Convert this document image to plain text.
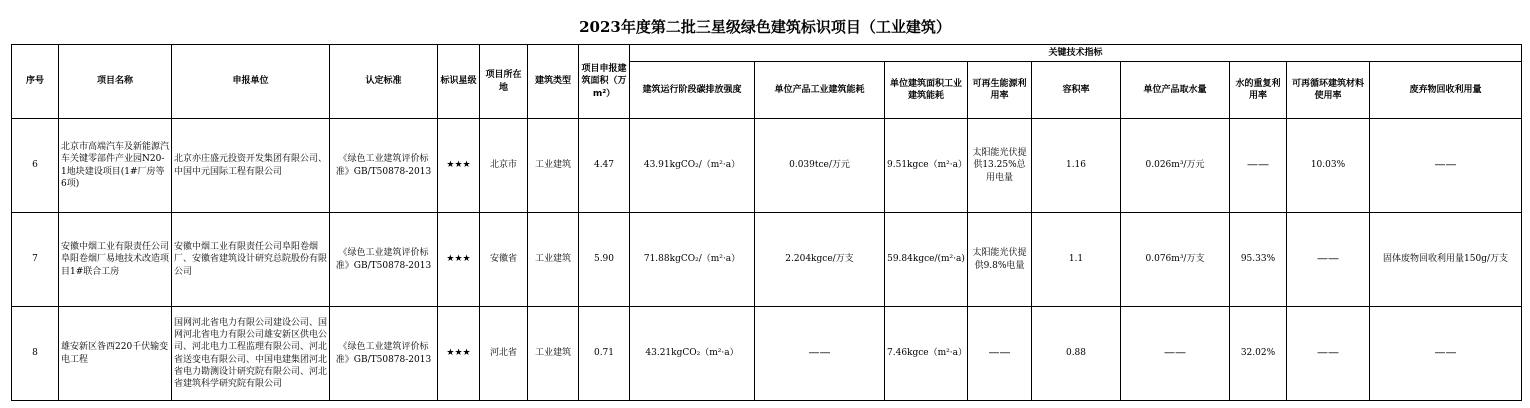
2023年度第二批三星级绿色建筑标识项目（工业建筑）
序号	项目名称	申报单位	认定标准	标识星级	项目所在地	建筑类型	项目申报建筑面积（万m²）	关键技术指标								
								建筑运行阶段碳排放强度	单位产品工业建筑能耗	单位建筑面积工业建筑能耗	可再生能源利用率	容积率	单位产品取水量	水的重复利用率	可再循环建筑材料使用率	废弃物回收利用量
6	北京市高端汽车及新能源汽车关键零部件产业园N20-1地块建设项目(1#厂房等6项)	北京亦庄盛元投资开发集团有限公司、中国中元国际工程有限公司	《绿色工业建筑评价标准》GB/T50878-2013	★★★	北京市	工业建筑	4.47	43.91kgCO₂/（m²·a）	0.039tce/万元	9.51kgce（m²·a）	太阳能光伏提供13.25%总用电量	1.16	0.026m³/万元	——	10.03%	——
7	安徽中烟工业有限责任公司阜阳卷烟厂易地技术改造项目1#联合工房	安徽中烟工业有限责任公司阜阳卷烟厂、安徽省建筑设计研究总院股份有限公司	《绿色工业建筑评价标准》GB/T50878-2013	★★★	安徽省	工业建筑	5.90	71.88kgCO₂/（m²·a）	2.204kgce/万支	59.84kgce/(m²·a)	太阳能光伏提供9.8%电量	1.1	0.076m³/万支	95.33%	——	固体废物回收利用量150g/万支
8	雄安新区昝西220千伏输变电工程	国网河北省电力有限公司建设公司、国网河北省电力有限公司雄安新区供电公司、河北电力工程监理有限公司、河北省送变电有限公司、中国电建集团河北省电力勘测设计研究院有限公司、河北省建筑科学研究院有限公司	《绿色工业建筑评价标准》GB/T50878-2013	★★★	河北省	工业建筑	0.71	43.21kgCO₂（m²·a）	——	7.46kgce（m²·a）	——	0.88	——	32.02%	——	——
